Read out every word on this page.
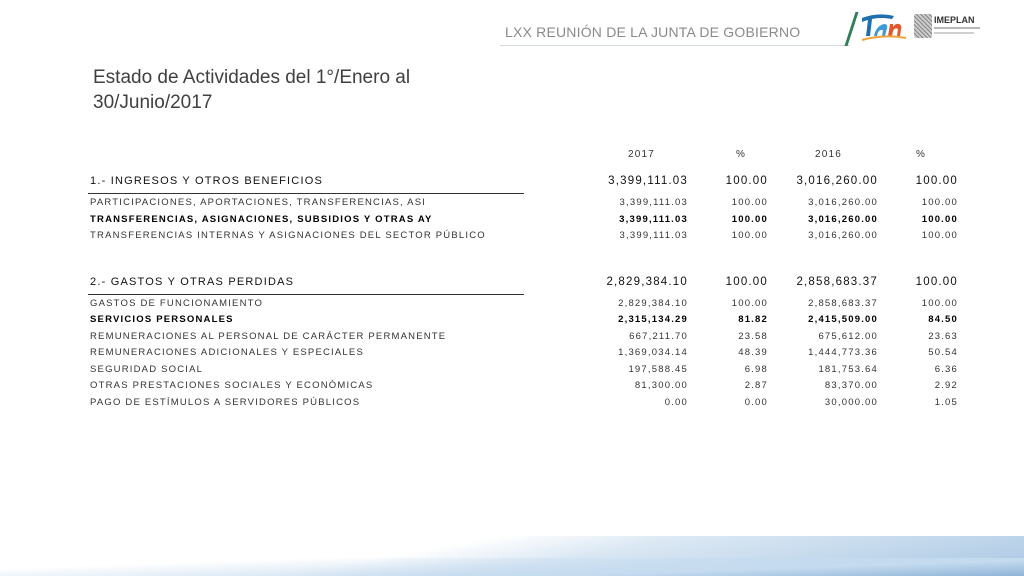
LXX REUNIÓN DE LA JUNTA DE GOBIERNO
IMEPLAN
Estado de Actividades del 1°/Enero al 30/Junio/2017
2017	%	2016	%
1.- INGRESOS Y OTROS BENEFICIOS	3,399,111.03	100.00	3,016,260.00	100.00
PARTICIPACIONES, APORTACIONES, TRANSFERENCIAS, ASI	3,399,111.03	100.00	3,016,260.00	100.00
TRANSFERENCIAS, ASIGNACIONES, SUBSIDIOS Y OTRAS AY	3,399,111.03	100.00	3,016,260.00	100.00
TRANSFERENCIAS INTERNAS Y ASIGNACIONES DEL SECTOR PÚBLICO	3,399,111.03	100.00	3,016,260.00	100.00
2.- GASTOS Y OTRAS PERDIDAS	2,829,384.10	100.00	2,858,683.37	100.00
GASTOS DE FUNCIONAMIENTO	2,829,384.10	100.00	2,858,683.37	100.00
SERVICIOS PERSONALES	2,315,134.29	81.82	2,415,509.00	84.50
REMUNERACIONES AL PERSONAL DE CARÁCTER PERMANENTE	667,211.70	23.58	675,612.00	23.63
REMUNERACIONES ADICIONALES Y ESPECIALES	1,369,034.14	48.39	1,444,773.36	50.54
SEGURIDAD SOCIAL	197,588.45	6.98	181,753.64	6.36
OTRAS PRESTACIONES SOCIALES Y ECONÓMICAS	81,300.00	2.87	83,370.00	2.92
PAGO DE ESTÍMULOS A SERVIDORES PÚBLICOS	0.00	0.00	30,000.00	1.05
